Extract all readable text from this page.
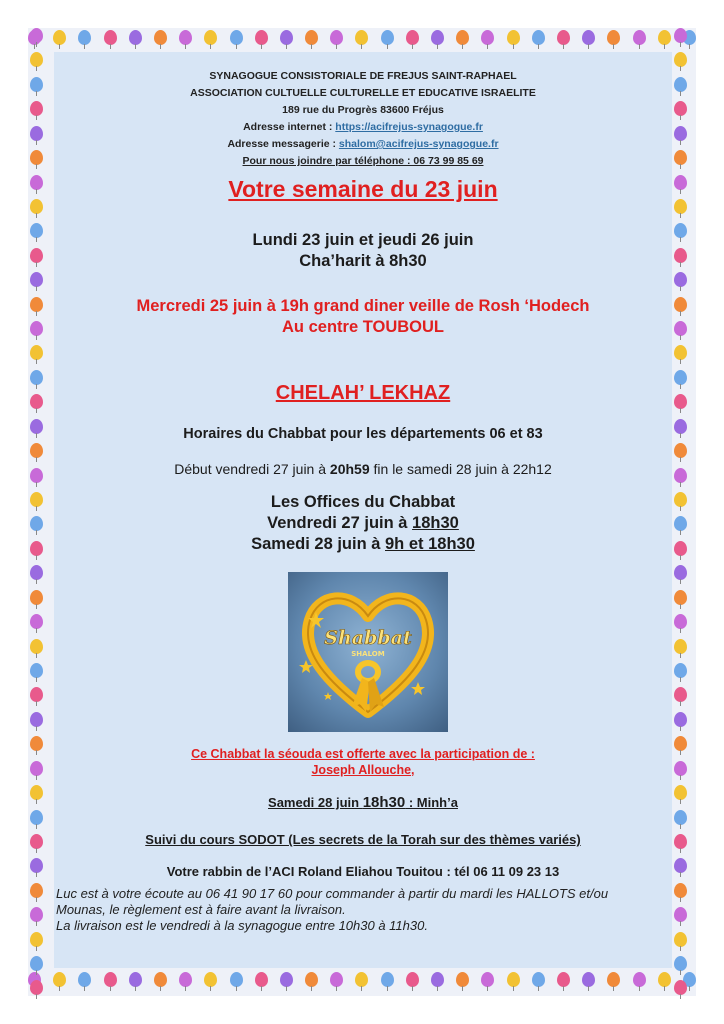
SYNAGOGUE CONSISTORIALE DE FREJUS SAINT-RAPHAEL
ASSOCIATION CULTUELLE CULTURELLE ET EDUCATIVE ISRAELITE
189 rue du Progrès 83600 Fréjus
Adresse internet : https://acifrejus-synagogue.fr
Adresse messagerie : shalom@acifrejus-synagogue.fr
Pour nous joindre par téléphone : 06 73 99 85 69
Votre semaine du 23 juin
Lundi 23 juin et jeudi 26 juin
Cha’harit à 8h30
Mercredi 25 juin à 19h grand diner veille de Rosh ‘Hodech
Au centre TOUBOUL
CHELAH’ LEKHAZ
Horaires du Chabbat pour les départements 06 et 83
Début vendredi 27 juin à 20h59 fin le samedi 28 juin à 22h12
Les Offices du Chabbat
Vendredi 27 juin à 18h30
Samedi 28 juin à 9h et 18h30
Shabbat
SHALOM
Ce Chabbat la séouda est offerte avec la participation de :
Joseph Allouche,
Samedi 28 juin 18h30 : Minh’a
Suivi du cours SODOT (Les secrets de la Torah sur des thèmes variés)
Votre rabbin de l’ACI Roland Eliahou Touitou : tél 06 11 09 23 13
Luc est à votre écoute au 06 41 90 17 60 pour commander à partir du mardi les HALLOTS et/ou
Mounas, le règlement est à faire avant la livraison.
La livraison est le vendredi à la synagogue entre 10h30 à 11h30.
